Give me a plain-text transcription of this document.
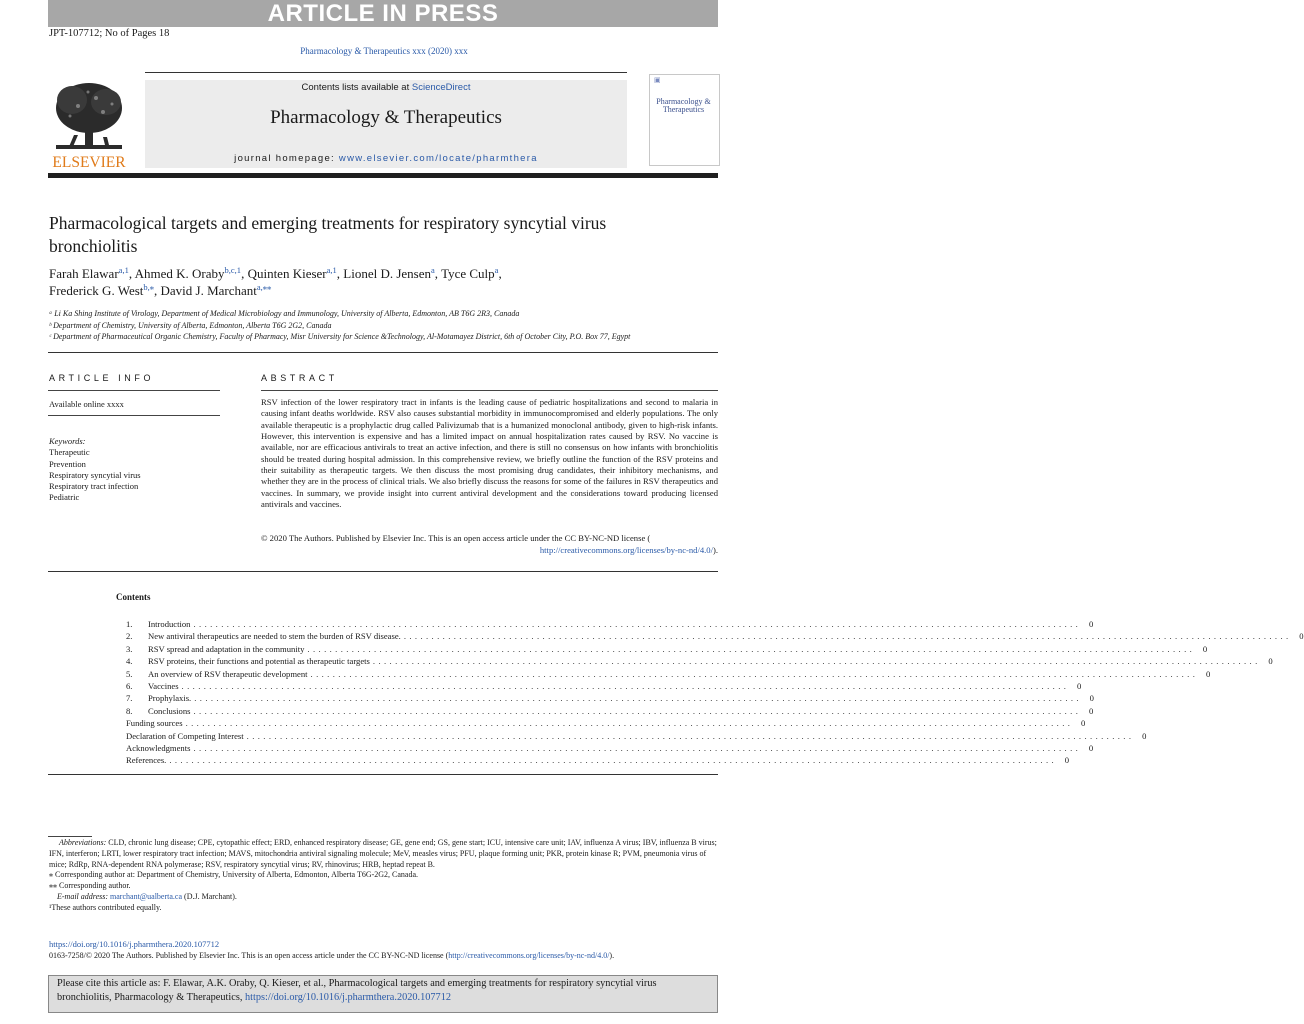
ARTICLE IN PRESS
JPT-107712; No of Pages 18
Pharmacology & Therapeutics xxx (2020) xxx
Contents lists available at ScienceDirect
Pharmacology & Therapeutics
journal homepage: www.elsevier.com/locate/pharmthera
ELSEVIER
▣
Pharmacology & Therapeutics
Pharmacological targets and emerging treatments for respiratory syncytial virus bronchiolitis
Farah Elawar$^{a,1}$, Ahmed K. Oraby$^{b,c,1}$, Quinten Kieser$^{a,1}$, Lionel D. Jensen$^a$, Tyce Culp$^a$,
Frederick G. West$^{b,⁎}$, David J. Marchant$^{a,⁎⁎}$
ᵃ Li Ka Shing Institute of Virology, Department of Medical Microbiology and Immunology, University of Alberta, Edmonton, AB T6G 2R3, Canada
ᵇ Department of Chemistry, University of Alberta, Edmonton, Alberta T6G 2G2, Canada
ᶜ Department of Pharmaceutical Organic Chemistry, Faculty of Pharmacy, Misr University for Science &Technology, Al-Motamayez District, 6th of October City, P.O. Box 77, Egypt
ARTICLE INFO
Available online xxxx
Keywords:
Therapeutic
Prevention
Respiratory syncytial virus
Respiratory tract infection
Pediatric
ABSTRACT
RSV infection of the lower respiratory tract in infants is the leading cause of pediatric hospitalizations and second to malaria in causing infant deaths worldwide. RSV also causes substantial morbidity in immunocompromised and elderly populations. The only available therapeutic is a prophylactic drug called Palivizumab that is a humanized monoclonal antibody, given to high-risk infants. However, this intervention is expensive and has a limited impact on annual hospitalization rates caused by RSV. No vaccine is available, nor are efficacious antivirals to treat an active infection, and there is still no consensus on how infants with bronchiolitis should be treated during hospital admission. In this comprehensive review, we briefly outline the function of the RSV proteins and their suitability as therapeutic targets. We then discuss the most promising drug candidates, their inhibitory mechanisms, and whether they are in the process of clinical trials. We also briefly discuss the reasons for some of the failures in RSV therapeutics and vaccines. In summary, we provide insight into current antiviral development and the considerations toward producing licensed antivirals and vaccines.
© 2020 The Authors. Published by Elsevier Inc. This is an open access article under the CC BY-NC-ND license (
http://creativecommons.org/licenses/by-nc-nd/4.0/).
Contents
1.	Introduction ................................................................................................................................................................ 0
2.	New antiviral therapeutics are needed to stem the burden of RSV disease. ................................................................................................................................................................ 0
3.	RSV spread and adaptation in the community ................................................................................................................................................................ 0
4.	RSV proteins, their functions and potential as therapeutic targets ................................................................................................................................................................ 0
5.	An overview of RSV therapeutic development ................................................................................................................................................................ 0
6.	Vaccines ................................................................................................................................................................ 0
7.	Prophylaxis. ................................................................................................................................................................ 0
8.	Conclusions ................................................................................................................................................................ 0
Funding sources ................................................................................................................................................................ 0
Declaration of Competing Interest ................................................................................................................................................................ 0
Acknowledgments ................................................................................................................................................................ 0
References. ................................................................................................................................................................ 0
Abbreviations: CLD, chronic lung disease; CPE, cytopathic effect; ERD, enhanced respiratory disease; GE, gene end; GS, gene start; ICU, intensive care unit; IAV, influenza A virus; IBV, influenza B virus; IFN, interferon; LRTI, lower respiratory tract infection; MAVS, mitochondria antiviral signaling molecule; MeV, measles virus; PFU, plaque forming unit; PKR, protein kinase R; PVM, pneumonia virus of mice; RdRp, RNA-dependent RNA polymerase; RSV, respiratory syncytial virus; RV, rhinovirus; HRB, heptad repeat B.
⁎ Corresponding author at: Department of Chemistry, University of Alberta, Edmonton, Alberta T6G-2G2, Canada.
⁎⁎ Corresponding author.
E-mail address: marchant@ualberta.ca (D.J. Marchant).
¹These authors contributed equally.
https://doi.org/10.1016/j.pharmthera.2020.107712
0163-7258/© 2020 The Authors. Published by Elsevier Inc. This is an open access article under the CC BY-NC-ND license (http://creativecommons.org/licenses/by-nc-nd/4.0/).
Please cite this article as: F. Elawar, A.K. Oraby, Q. Kieser, et al., Pharmacological targets and emerging treatments for respiratory syncytial virus bronchiolitis, Pharmacology & Therapeutics, https://doi.org/10.1016/j.pharmthera.2020.107712
